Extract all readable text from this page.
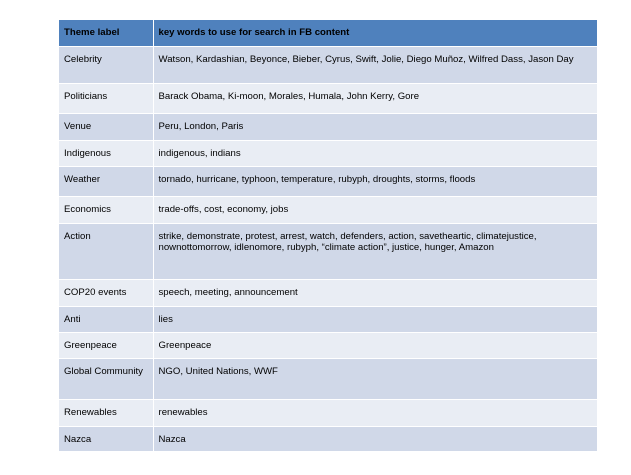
Theme label	key words to use for search in FB content
Celebrity	Watson, Kardashian, Beyonce, Bieber, Cyrus, Swift, Jolie, Diego Muñoz, Wilfred Dass, Jason Day
Politicians	Barack Obama, Ki-moon, Morales, Humala, John Kerry, Gore
Venue	Peru, London, Paris
Indigenous	indigenous, indians
Weather	tornado, hurricane, typhoon, temperature, rubyph, droughts, storms, floods
Economics	trade-offs, cost, economy, jobs
Action	strike, demonstrate, protest, arrest, watch, defenders, action, savetheartic, climatejustice, nownottomorrow, idlenomore, rubyph, “climate action”, justice, hunger, Amazon
COP20 events	speech, meeting, announcement
Anti	lies
Greenpeace	Greenpeace
Global Community	NGO, United Nations, WWF
Renewables	renewables
Nazca	Nazca
